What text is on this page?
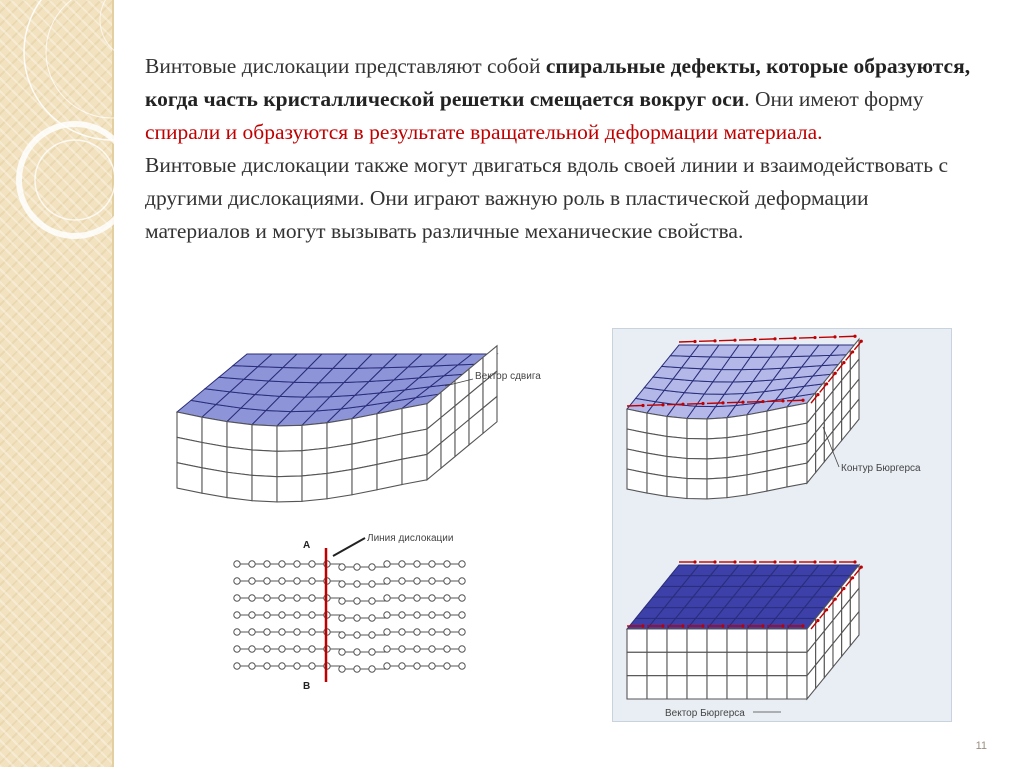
Винтовые дислокации представляют собой спиральные дефекты, которые образуются, когда часть кристаллической решетки смещается вокруг оси. Они имеют форму спирали и образуются в результате вращательной деформации материала.

Винтовые дислокации также могут двигаться вдоль своей линии и взаимодействовать с другими дислокациями. Они играют важную роль в пластической деформации материалов и могут вызывать различные механические свойства.

Вектор сдвига
Линия дислокации
A
B
Контур Бюргерса
Вектор Бюргерса
11
